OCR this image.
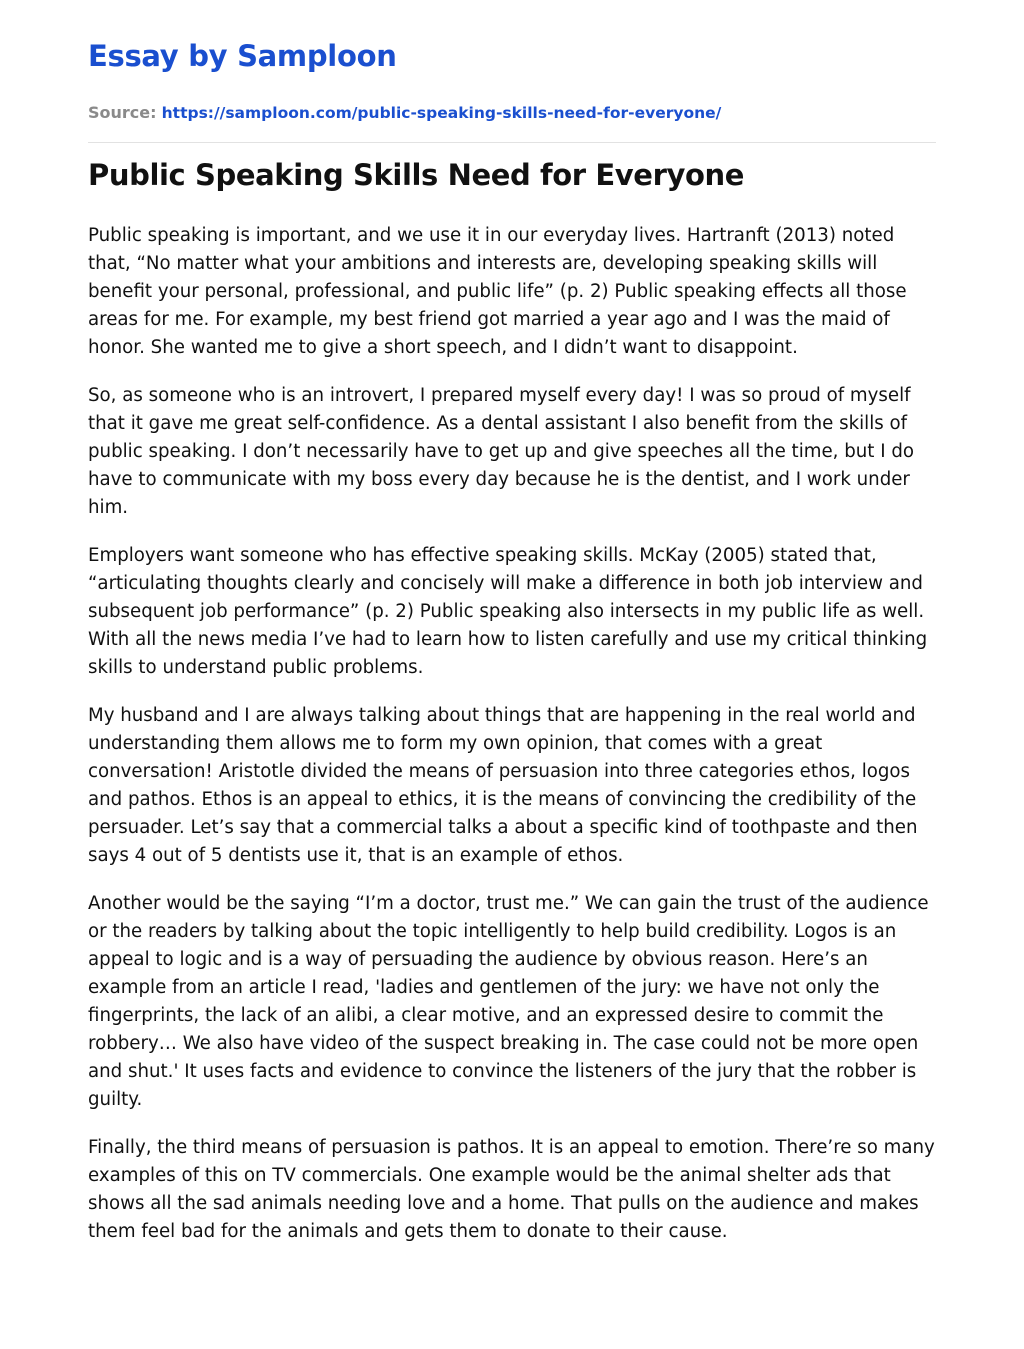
Essay by Samploon
Source: https://samploon.com/public-speaking-skills-need-for-everyone/
Public Speaking Skills Need for Everyone

Public speaking is important, and we use it in our everyday lives. Hartranft (2013) noted that, “No matter what your ambitions and interests are, developing speaking skills will benefit your personal, professional, and public life” (p. 2) Public speaking effects all those areas for me. For example, my best friend got married a year ago and I was the maid of honor. She wanted me to give a short speech, and I didn’t want to disappoint.

So, as someone who is an introvert, I prepared myself every day! I was so proud of myself that it gave me great self-confidence. As a dental assistant I also benefit from the skills of public speaking. I don’t necessarily have to get up and give speeches all the time, but I do have to communicate with my boss every day because he is the dentist, and I work under him.

Employers want someone who has effective speaking skills. McKay (2005) stated that, “articulating thoughts clearly and concisely will make a difference in both job interview and subsequent job performance” (p. 2) Public speaking also intersects in my public life as well. With all the news media I’ve had to learn how to listen carefully and use my critical thinking skills to understand public problems.

My husband and I are always talking about things that are happening in the real world and understanding them allows me to form my own opinion, that comes with a great conversation! Aristotle divided the means of persuasion into three categories ethos, logos and pathos. Ethos is an appeal to ethics, it is the means of convincing the credibility of the persuader. Let’s say that a commercial talks a about a specific kind of toothpaste and then says 4 out of 5 dentists use it, that is an example of ethos.

Another would be the saying “I’m a doctor, trust me.” We can gain the trust of the audience or the readers by talking about the topic intelligently to help build credibility. Logos is an appeal to logic and is a way of persuading the audience by obvious reason. Here’s an example from an article I read, 'ladies and gentlemen of the jury: we have not only the fingerprints, the lack of an alibi, a clear motive, and an expressed desire to commit the robbery… We also have video of the suspect breaking in. The case could not be more open and shut.' It uses facts and evidence to convince the listeners of the jury that the robber is guilty.

Finally, the third means of persuasion is pathos. It is an appeal to emotion. There’re so many examples of this on TV commercials. One example would be the animal shelter ads that shows all the sad animals needing love and a home. That pulls on the audience and makes them feel bad for the animals and gets them to donate to their cause.
